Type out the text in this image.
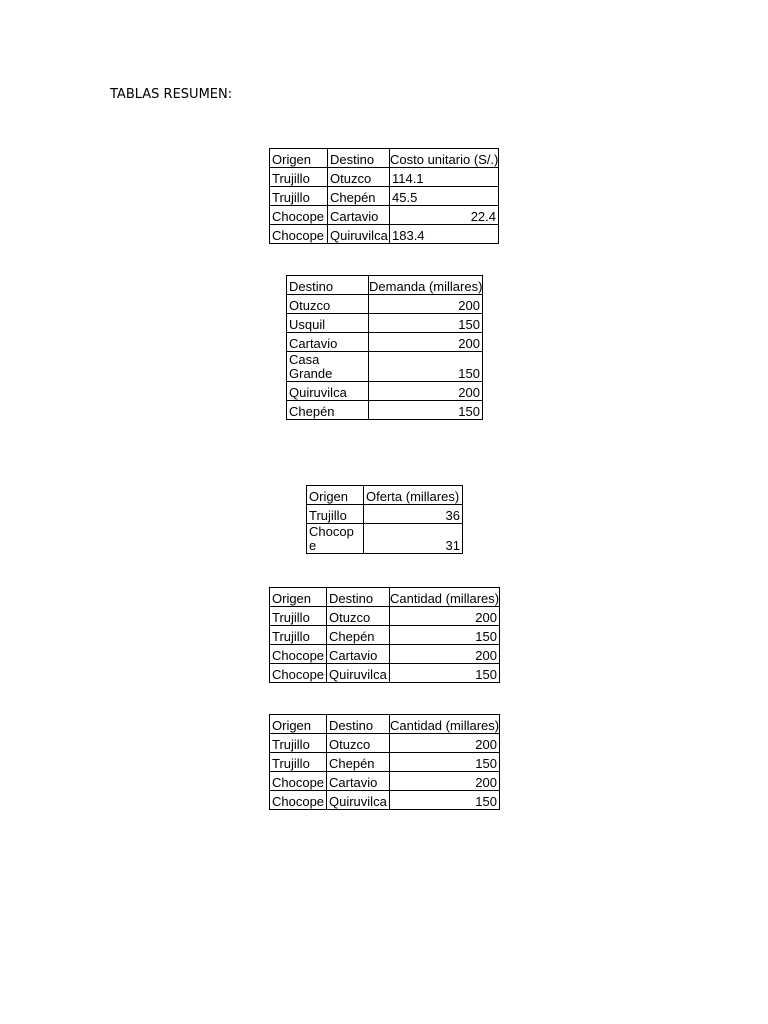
TABLAS RESUMEN:
Origen	Destino	Costo unitario (S/.)
Trujillo	Otuzco	114.1
Trujillo	Chepén	45.5
Chocope	Cartavio	22.4
Chocope	Quiruvilca	183.4
Destino	Demanda (millares)
Otuzco	200
Usquil	150
Cartavio	200
Casa Grande	150
Quiruvilca	200
Chepén	150
Origen	Oferta (millares)
Trujillo	36
Chocope	31
Origen	Destino	Cantidad (millares)
Trujillo	Otuzco	200
Trujillo	Chepén	150
Chocope	Cartavio	200
Chocope	Quiruvilca	150
Origen	Destino	Cantidad (millares)
Trujillo	Otuzco	200
Trujillo	Chepén	150
Chocope	Cartavio	200
Chocope	Quiruvilca	150
